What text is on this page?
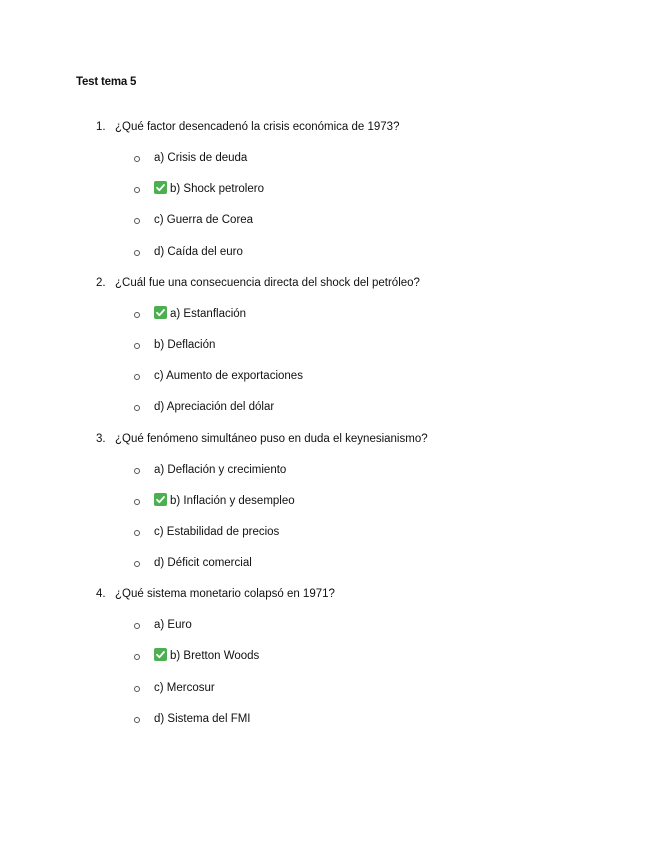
Test tema 5
1. ¿Qué factor desencadenó la crisis económica de 1973?
a) Crisis de deuda
b) Shock petrolero
c) Guerra de Corea
d) Caída del euro
2. ¿Cuál fue una consecuencia directa del shock del petróleo?
a) Estanflación
b) Deflación
c) Aumento de exportaciones
d) Apreciación del dólar
3. ¿Qué fenómeno simultáneo puso en duda el keynesianismo?
a) Deflación y crecimiento
b) Inflación y desempleo
c) Estabilidad de precios
d) Déficit comercial
4. ¿Qué sistema monetario colapsó en 1971?
a) Euro
b) Bretton Woods
c) Mercosur
d) Sistema del FMI
